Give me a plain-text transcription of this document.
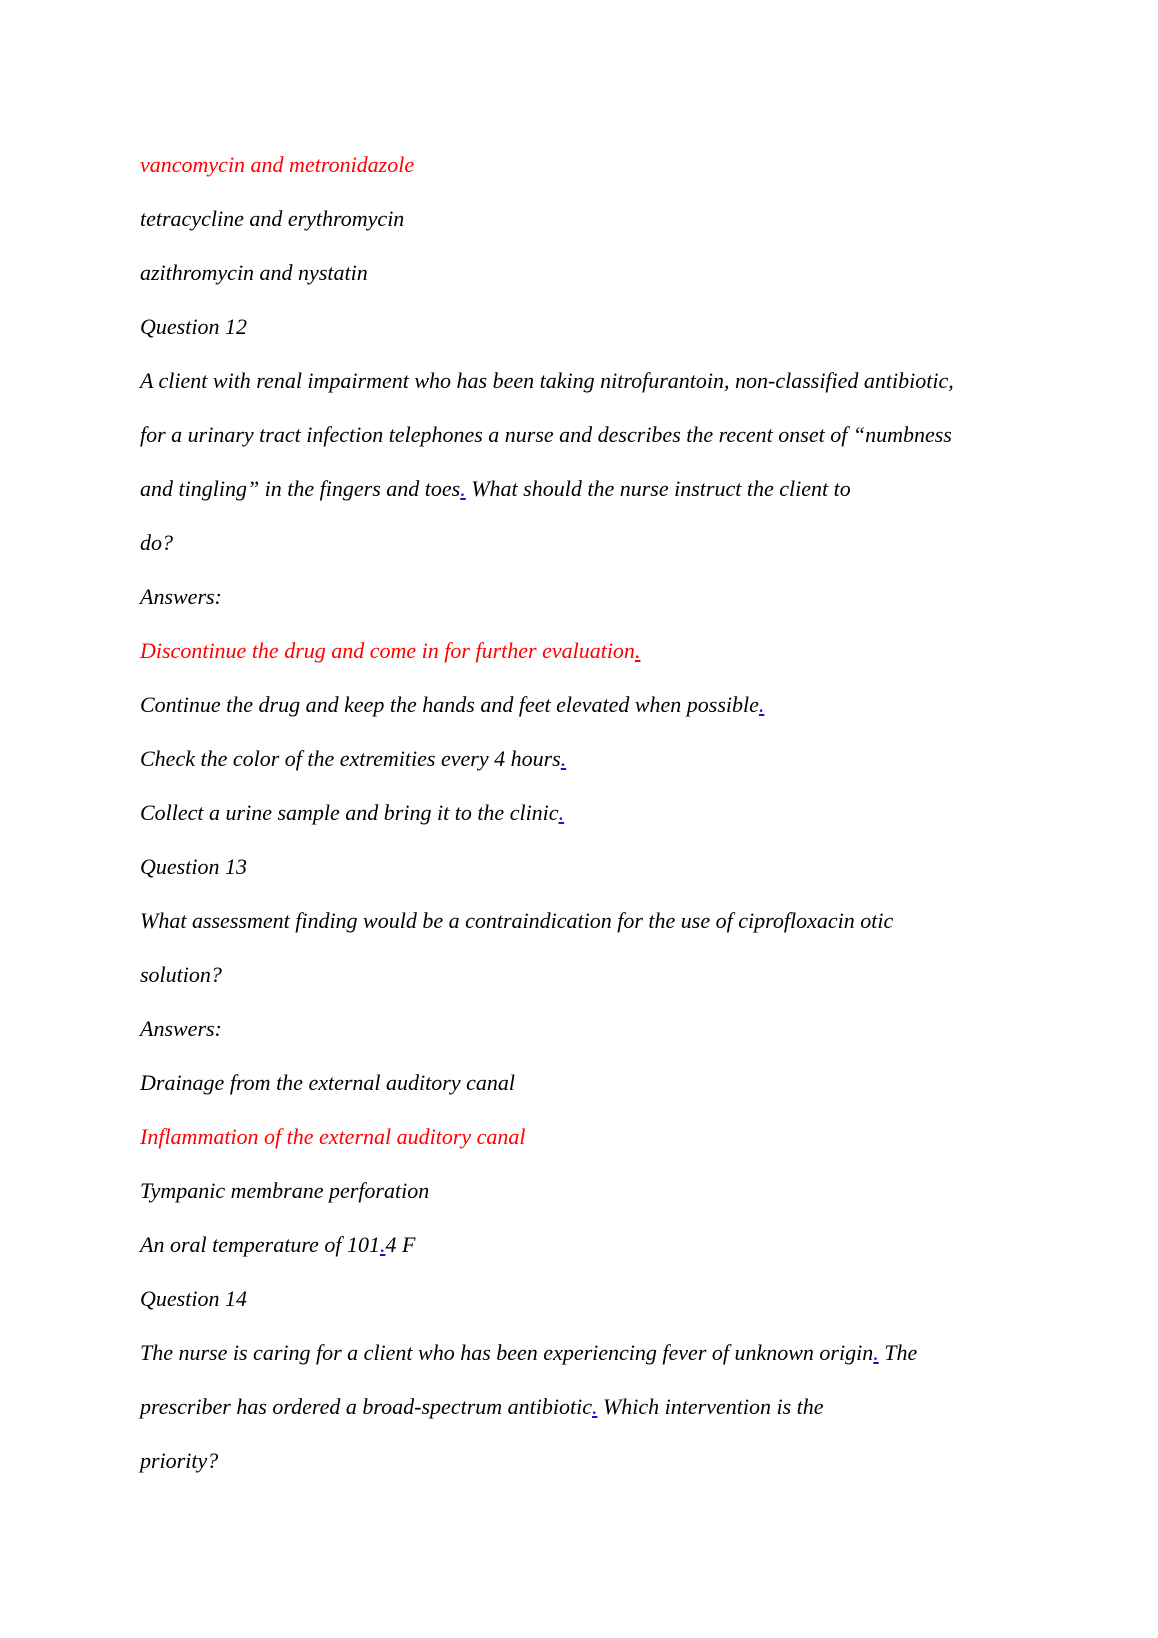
vancomycin and metronidazole
tetracycline and erythromycin
azithromycin and nystatin
Question 12
A client with renal impairment who has been taking nitrofurantoin, non-classified antibiotic,
for a urinary tract infection telephones a nurse and describes the recent onset of “numbness
and tingling” in the fingers and toes. What should the nurse instruct the client to
do?
Answers:
Discontinue the drug and come in for further evaluation.
Continue the drug and keep the hands and feet elevated when possible.
Check the color of the extremities every 4 hours.
Collect a urine sample and bring it to the clinic.
Question 13
What assessment finding would be a contraindication for the use of ciprofloxacin otic
solution?
Answers:
Drainage from the external auditory canal
Inflammation of the external auditory canal
Tympanic membrane perforation
An oral temperature of 101.4 F
Question 14
The nurse is caring for a client who has been experiencing fever of unknown origin. The
prescriber has ordered a broad-spectrum antibiotic. Which intervention is the
priority?
